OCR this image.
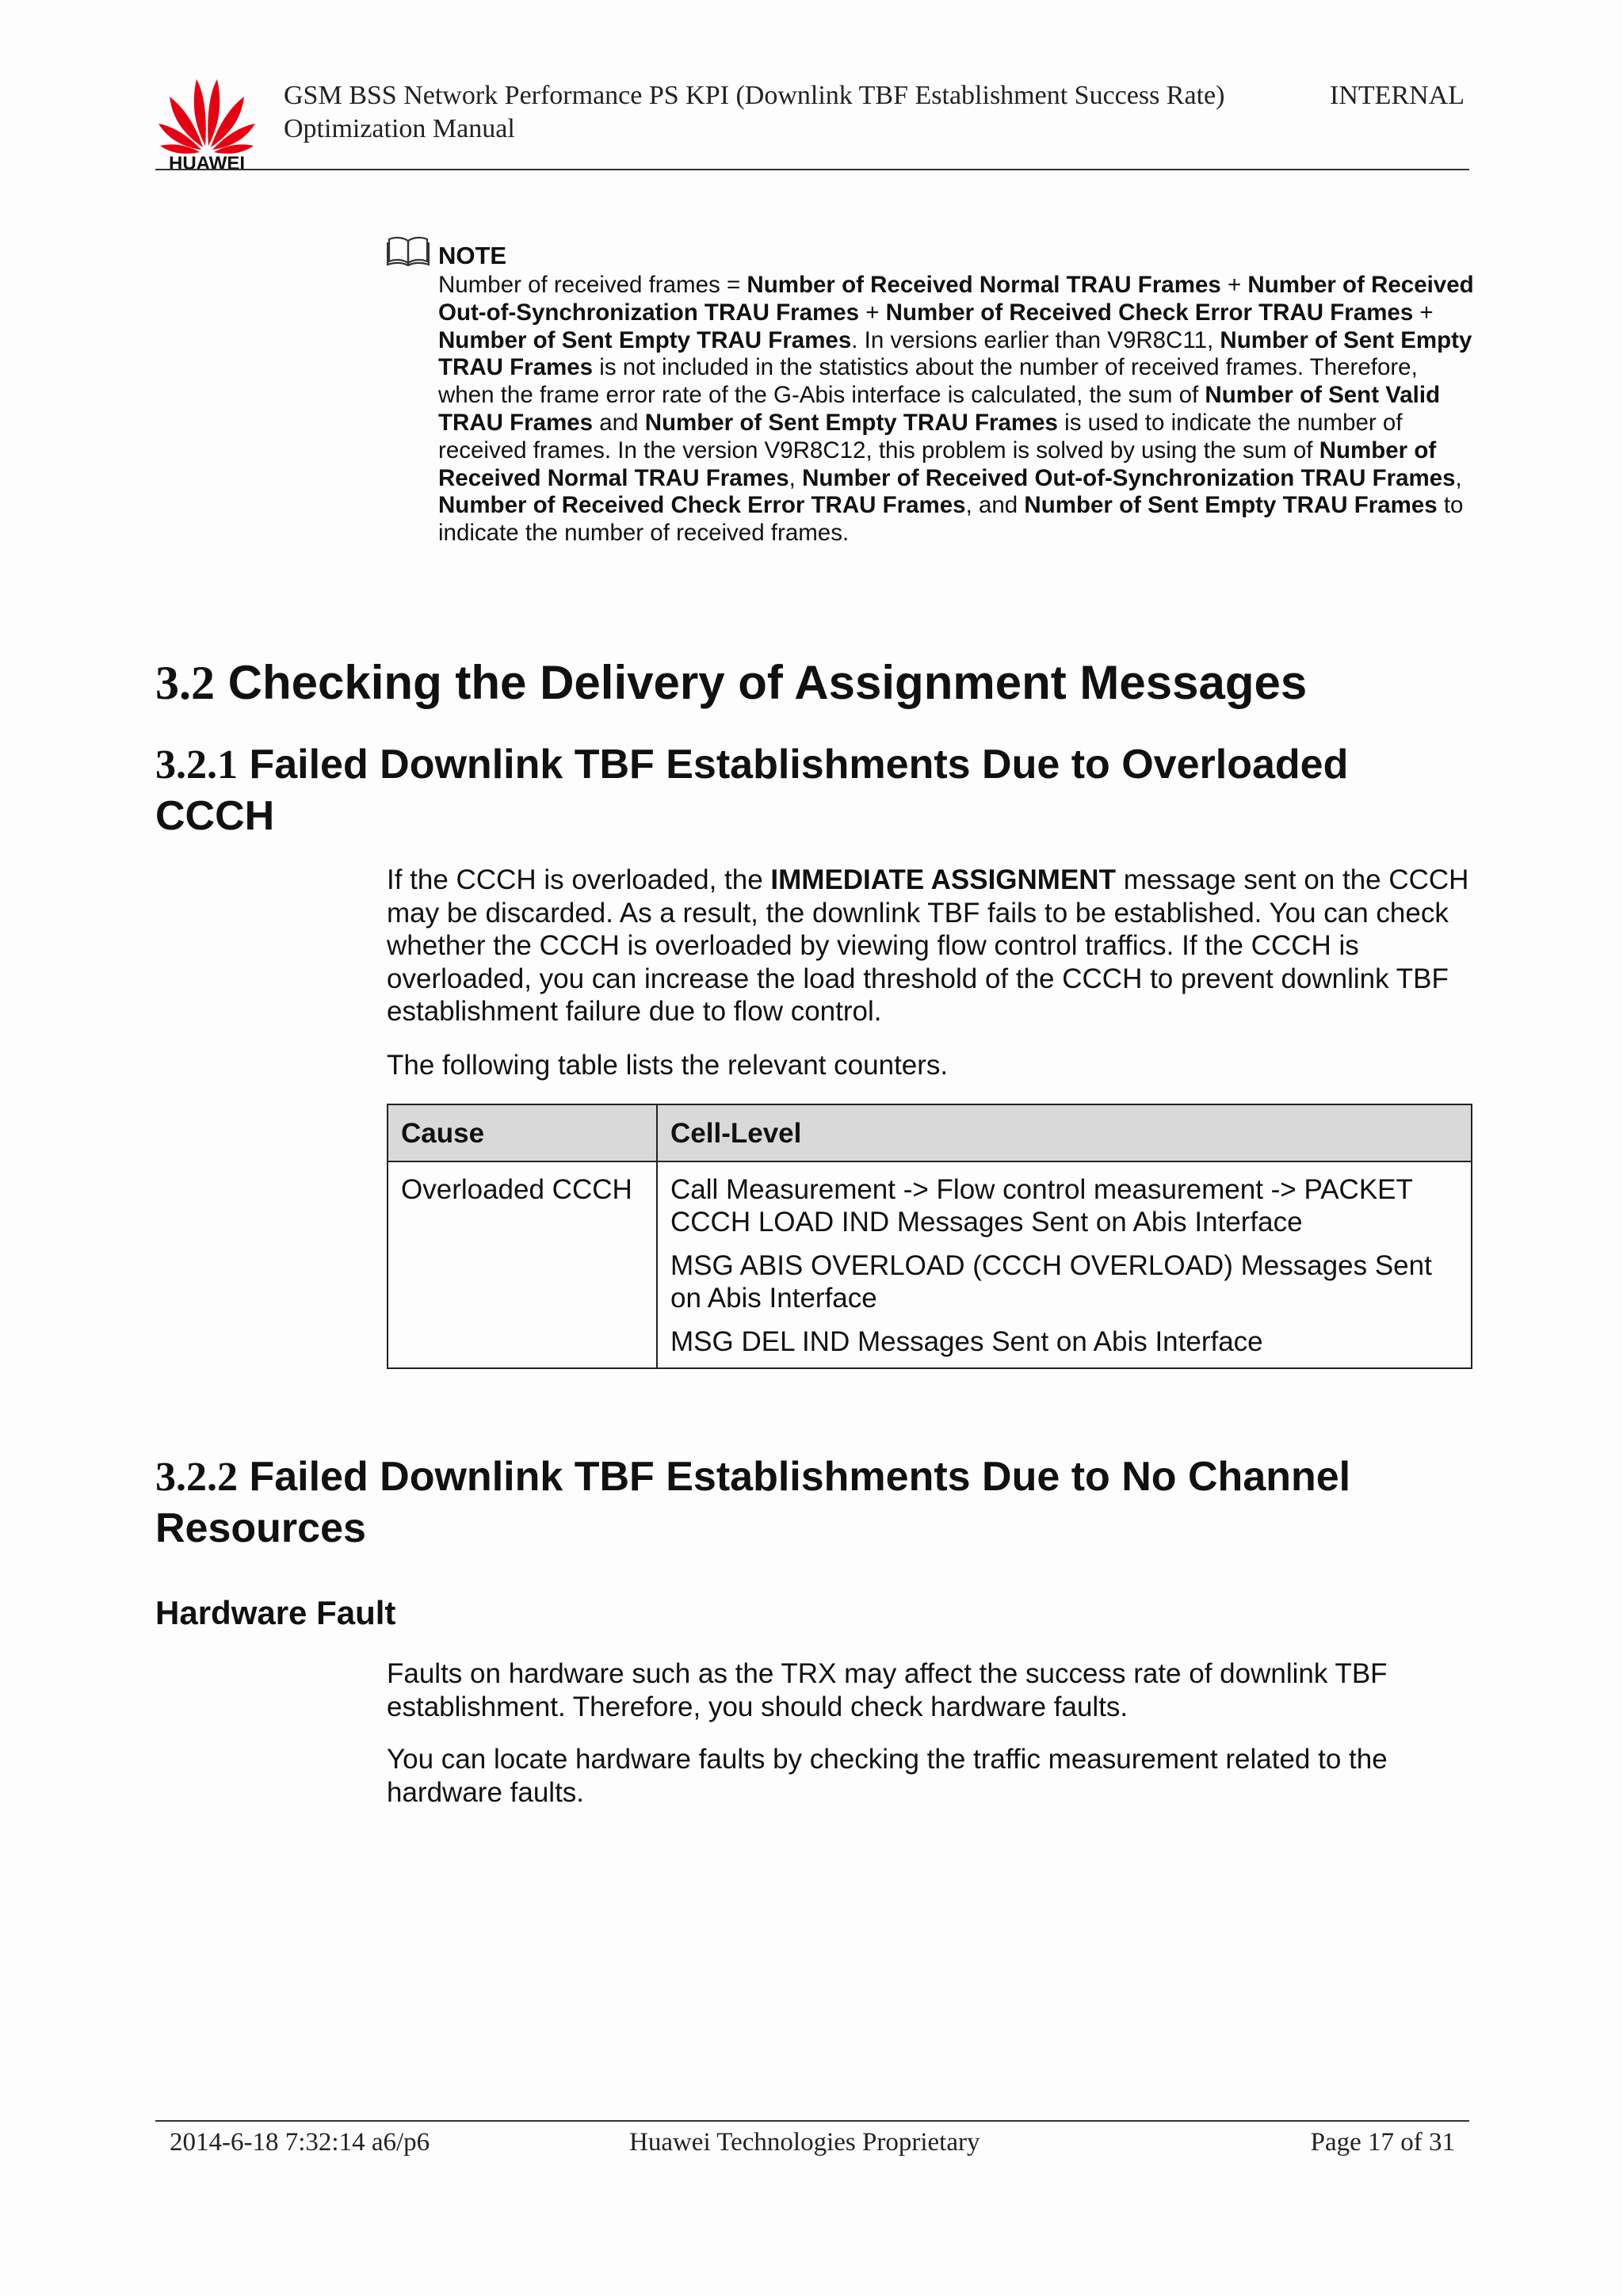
HUAWEI
GSM BSS Network Performance PS KPI (Downlink TBF Establishment Success Rate)
Optimization Manual
INTERNAL
NOTE
Number of received frames = Number of Received Normal TRAU Frames + Number of Received Out-of-Synchronization TRAU Frames + Number of Received Check Error TRAU Frames + Number of Sent Empty TRAU Frames. In versions earlier than V9R8C11, Number of Sent Empty TRAU Frames is not included in the statistics about the number of received frames. Therefore, when the frame error rate of the G-Abis interface is calculated, the sum of Number of Sent Valid TRAU Frames and Number of Sent Empty TRAU Frames is used to indicate the number of received frames. In the version V9R8C12, this problem is solved by using the sum of Number of Received Normal TRAU Frames, Number of Received Out-of-Synchronization TRAU Frames, Number of Received Check Error TRAU Frames, and Number of Sent Empty TRAU Frames to indicate the number of received frames.
3.2 Checking the Delivery of Assignment Messages
3.2.1 Failed Downlink TBF Establishments Due to Overloaded CCCH
If the CCCH is overloaded, the IMMEDIATE ASSIGNMENT message sent on the CCCH may be discarded. As a result, the downlink TBF fails to be established. You can check whether the CCCH is overloaded by viewing flow control traffics. If the CCCH is overloaded, you can increase the load threshold of the CCCH to prevent downlink TBF establishment failure due to flow control.
The following table lists the relevant counters.
Cause	Cell-Level
Overloaded CCCH	Call Measurement -> Flow control measurement -> PACKET CCCH LOAD IND Messages Sent on Abis Interface
MSG ABIS OVERLOAD (CCCH OVERLOAD) Messages Sent on Abis Interface
MSG DEL IND Messages Sent on Abis Interface
3.2.2 Failed Downlink TBF Establishments Due to No Channel Resources
Hardware Fault
Faults on hardware such as the TRX may affect the success rate of downlink TBF establishment. Therefore, you should check hardware faults.
You can locate hardware faults by checking the traffic measurement related to the hardware faults.
2014-6-18 7:32:14 a6/p6	Huawei Technologies Proprietary	Page 17 of 31
